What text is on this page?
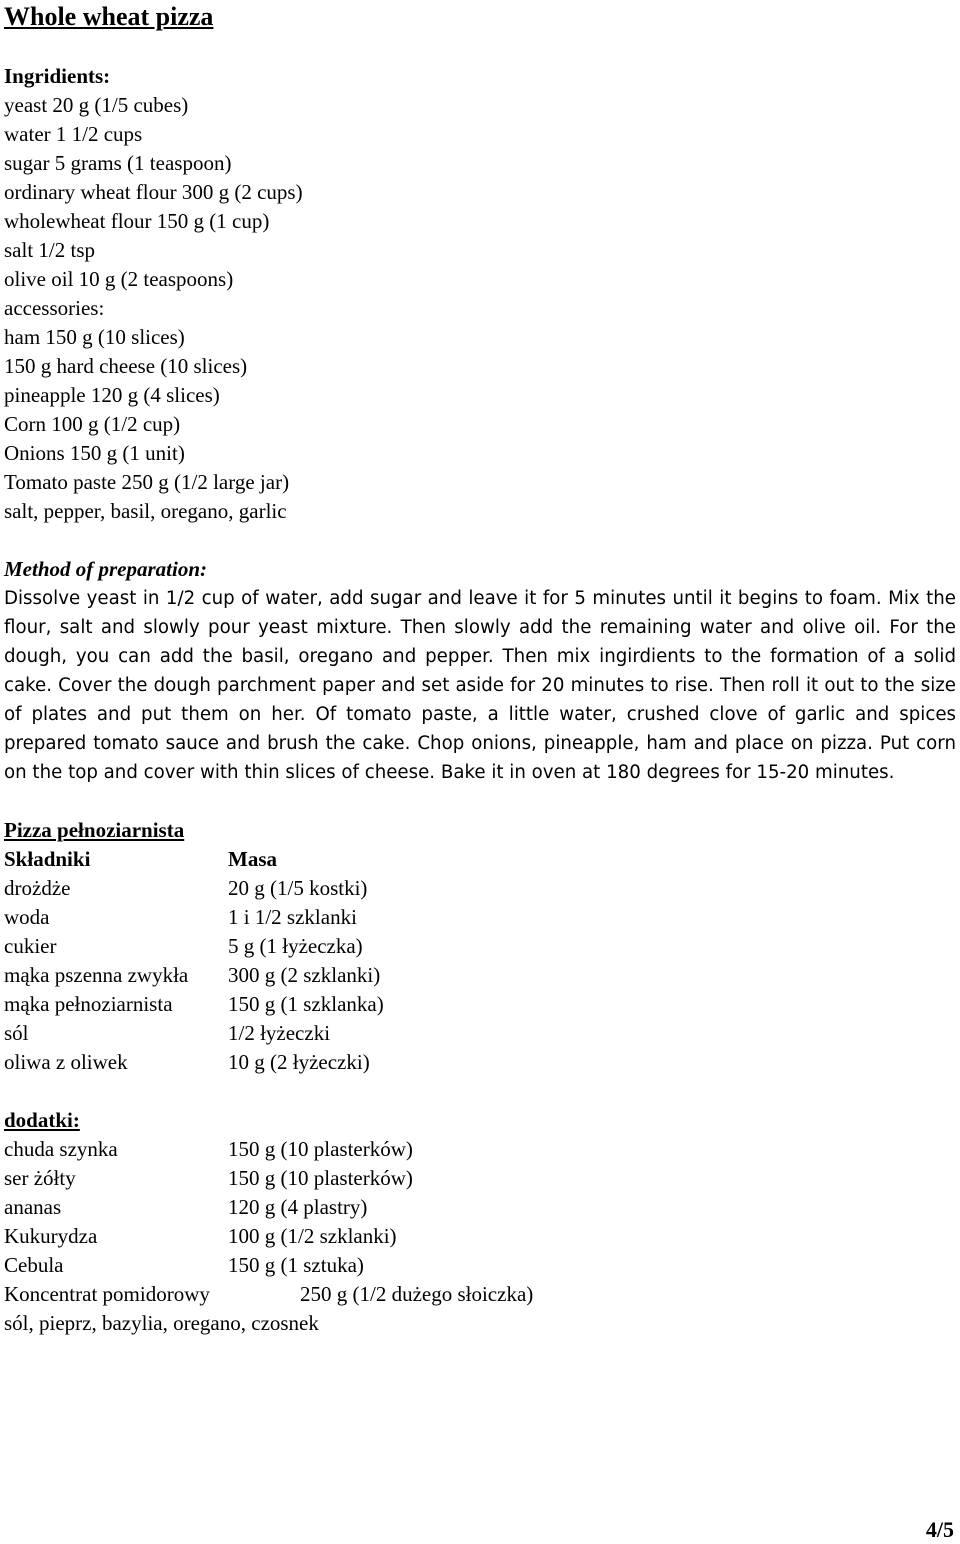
Whole wheat pizza
Ingridients:
yeast 20 g (1/5 cubes)
water 1 1/2 cups
sugar 5 grams (1 teaspoon)
ordinary wheat flour 300 g (2 cups)
wholewheat flour 150 g (1 cup)
salt 1/2 tsp
olive oil 10 g (2 teaspoons)
accessories:
ham 150 g (10 slices)
150 g hard cheese (10 slices)
pineapple 120 g (4 slices)
Corn 100 g (1/2 cup)
Onions 150 g (1 unit)
Tomato paste 250 g (1/2 large jar)
salt, pepper, basil, oregano, garlic
Method of preparation:
Dissolve yeast in 1/2 cup of water, add sugar and leave it for 5 minutes until it begins to foam. Mix the flour, salt and slowly pour yeast mixture. Then slowly add the remaining water and olive oil. For the dough, you can add the basil, oregano and pepper. Then mix ingirdients to the formation of a solid cake. Cover the dough parchment paper and set aside for 20 minutes to rise. Then roll it out to the size of plates and put them on her. Of tomato paste, a little water, crushed clove of garlic and spices prepared tomato sauce and brush the cake. Chop onions, pineapple, ham and place on pizza. Put corn on the top and cover with thin slices of cheese. Bake it in oven at 180 degrees for 15-20 minutes.
Pizza pełnoziarnista
Składniki	Masa
drożdże	20 g (1/5 kostki)
woda	1 i 1/2 szklanki
cukier	5 g (1 łyżeczka)
mąka pszenna zwykła	300 g (2 szklanki)
mąka pełnoziarnista	150 g (1 szklanka)
sól	1/2 łyżeczki
oliwa z oliwek	10 g (2 łyżeczki)
dodatki:
chuda szynka	150 g (10 plasterków)
ser żółty	150 g (10 plasterków)
ananas	120 g (4 plastry)
Kukurydza	100 g (1/2 szklanki)
Cebula	150 g (1 sztuka)
Koncentrat pomidorowy	250 g (1/2 dużego słoiczka)
sól, pieprz, bazylia, oregano, czosnek
4/5
